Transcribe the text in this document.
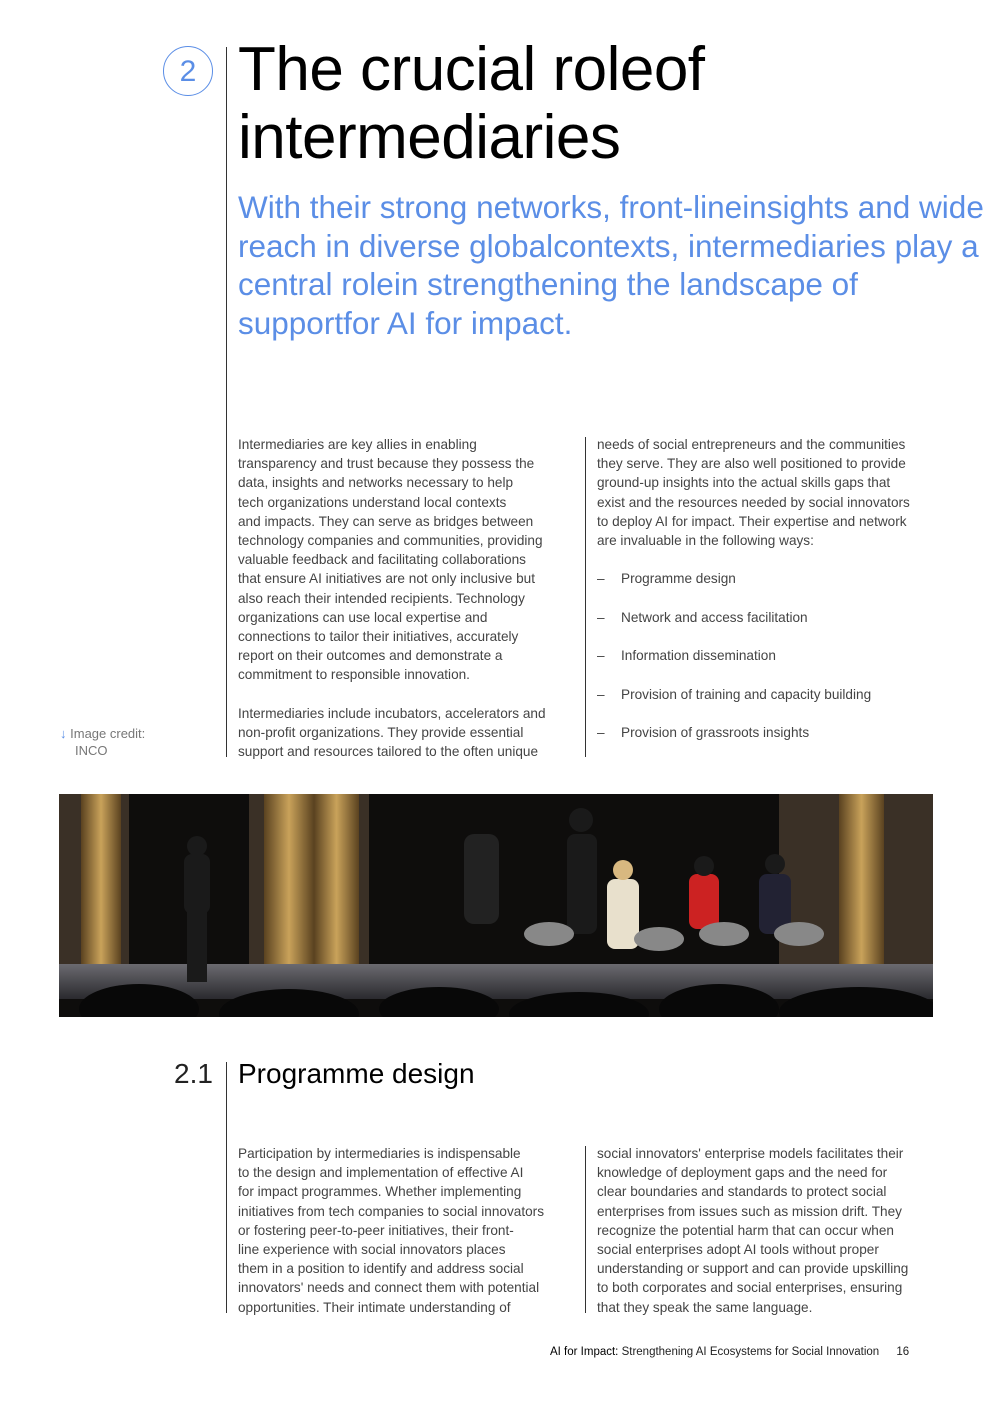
2 The crucial roleof intermediaries
With their strong networks, front-lineinsights and wide reach in diverse globalcontexts, intermediaries play a central rolein strengthening the landscape of supportfor AI for impact.
Intermediaries are key allies in enabling
transparency and trust because they possess the
data, insights and networks necessary to help
tech organizations understand local contexts
and impacts. They can serve as bridges between
technology companies and communities, providing
valuable feedback and facilitating collaborations
that ensure AI initiatives are not only inclusive but
also reach their intended recipients. Technology
organizations can use local expertise and
connections to tailor their initiatives, accurately
report on their outcomes and demonstrate a
commitment to responsible innovation.
Intermediaries include incubators, accelerators and
non-profit organizations. They provide essential
support and resources tailored to the often unique
needs of social entrepreneurs and the communities
they serve. They are also well positioned to provide
ground-up insights into the actual skills gaps that
exist and the resources needed by social innovators
to deploy AI for impact. Their expertise and network
are invaluable in the following ways:
– Programme design
– Network and access facilitation
– Information dissemination
– Provision of training and capacity building
– Provision of grassroots insights
↓ Image credit:
INCO
2.1 Programme design
Participation by intermediaries is indispensable
to the design and implementation of effective AI
for impact programmes. Whether implementing
initiatives from tech companies to social innovators
or fostering peer-to-peer initiatives, their front-
line experience with social innovators places
them in a position to identify and address social
innovators' needs and connect them with potential
opportunities. Their intimate understanding of
social innovators' enterprise models facilitates their
knowledge of deployment gaps and the need for
clear boundaries and standards to protect social
enterprises from issues such as mission drift. They
recognize the potential harm that can occur when
social enterprises adopt AI tools without proper
understanding or support and can provide upskilling
to both corporates and social enterprises, ensuring
that they speak the same language.
AI for Impact: Strengthening AI Ecosystems for Social Innovation 16
